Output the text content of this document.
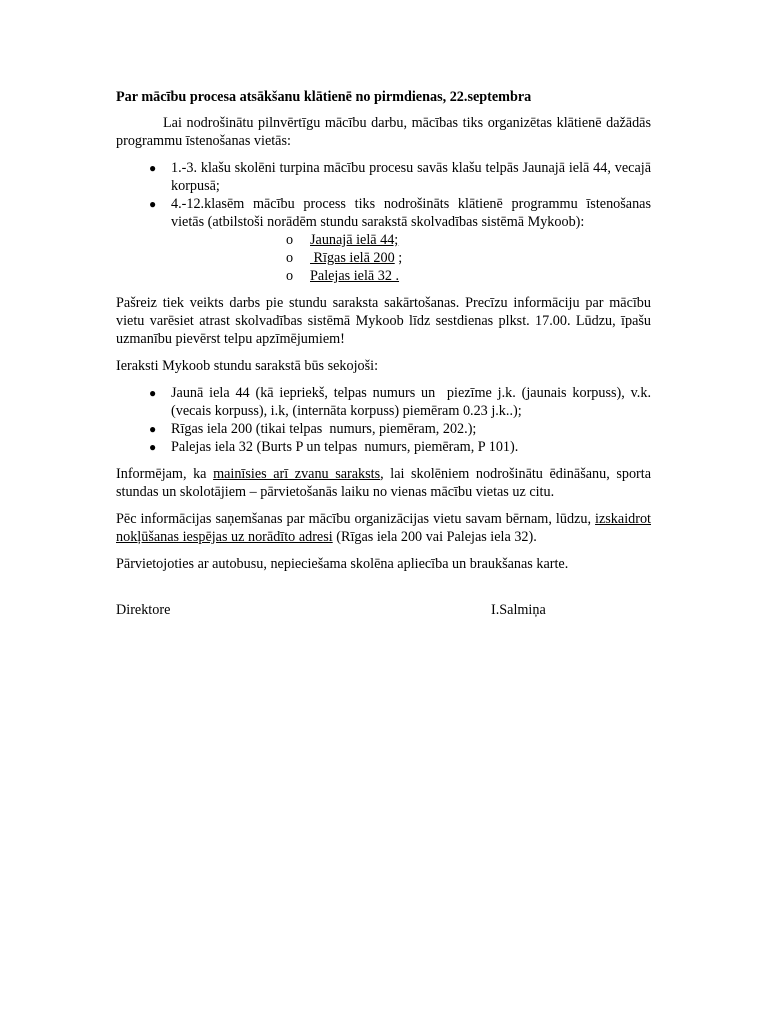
Par mācību procesa atsākšanu klātienē no pirmdienas, 22.septembra

Lai nodrošinātu pilnvērtīgu mācību darbu, mācības tiks organizētas klātienē dažādās programmu īstenošanas vietās:

● 1.-3. klašu skolēni turpina mācību procesu savās klašu telpās Jaunajā ielā 44, vecajā korpusā;
● 4.-12.klasēm mācību process tiks nodrošināts klātienē programmu īstenošanas vietās (atbilstoši norādēm stundu sarakstā skolvadības sistēmā Mykoob):
o Jaunajā ielā 44;
o Rīgas ielā 200 ;
o Palejas ielā 32 .

Pašreiz tiek veikts darbs pie stundu saraksta sakārtošanas. Precīzu informāciju par mācību vietu varēsiet atrast skolvadības sistēmā Mykoob līdz sestdienas plkst. 17.00. Lūdzu, īpašu uzmanību pievērst telpu apzīmējumiem!

Ieraksti Mykoob stundu sarakstā būs sekojoši:

● Jaunā iela 44 (kā iepriekš, telpas numurs un  piezīme j.k. (jaunais korpuss), v.k. (vecais korpuss), i.k, (internāta korpuss) piemēram 0.23 j.k..);
● Rīgas iela 200 (tikai telpas  numurs, piemēram, 202.);
● Palejas iela 32 (Burts P un telpas  numurs, piemēram, P 101).

Informējam, ka mainīsies arī zvanu saraksts, lai skolēniem nodrošinātu ēdināšanu, sporta stundas un skolotājiem – pārvietošanās laiku no vienas mācību vietas uz citu.

Pēc informācijas saņemšanas par mācību organizācijas vietu savam bērnam, lūdzu, izskaidrot nokļūšanas iespējas uz norādīto adresi (Rīgas iela 200 vai Palejas iela 32).

Pārvietojoties ar autobusu, nepieciešama skolēna apliecība un braukšanas karte.

Direktore	I.Salmiņa
